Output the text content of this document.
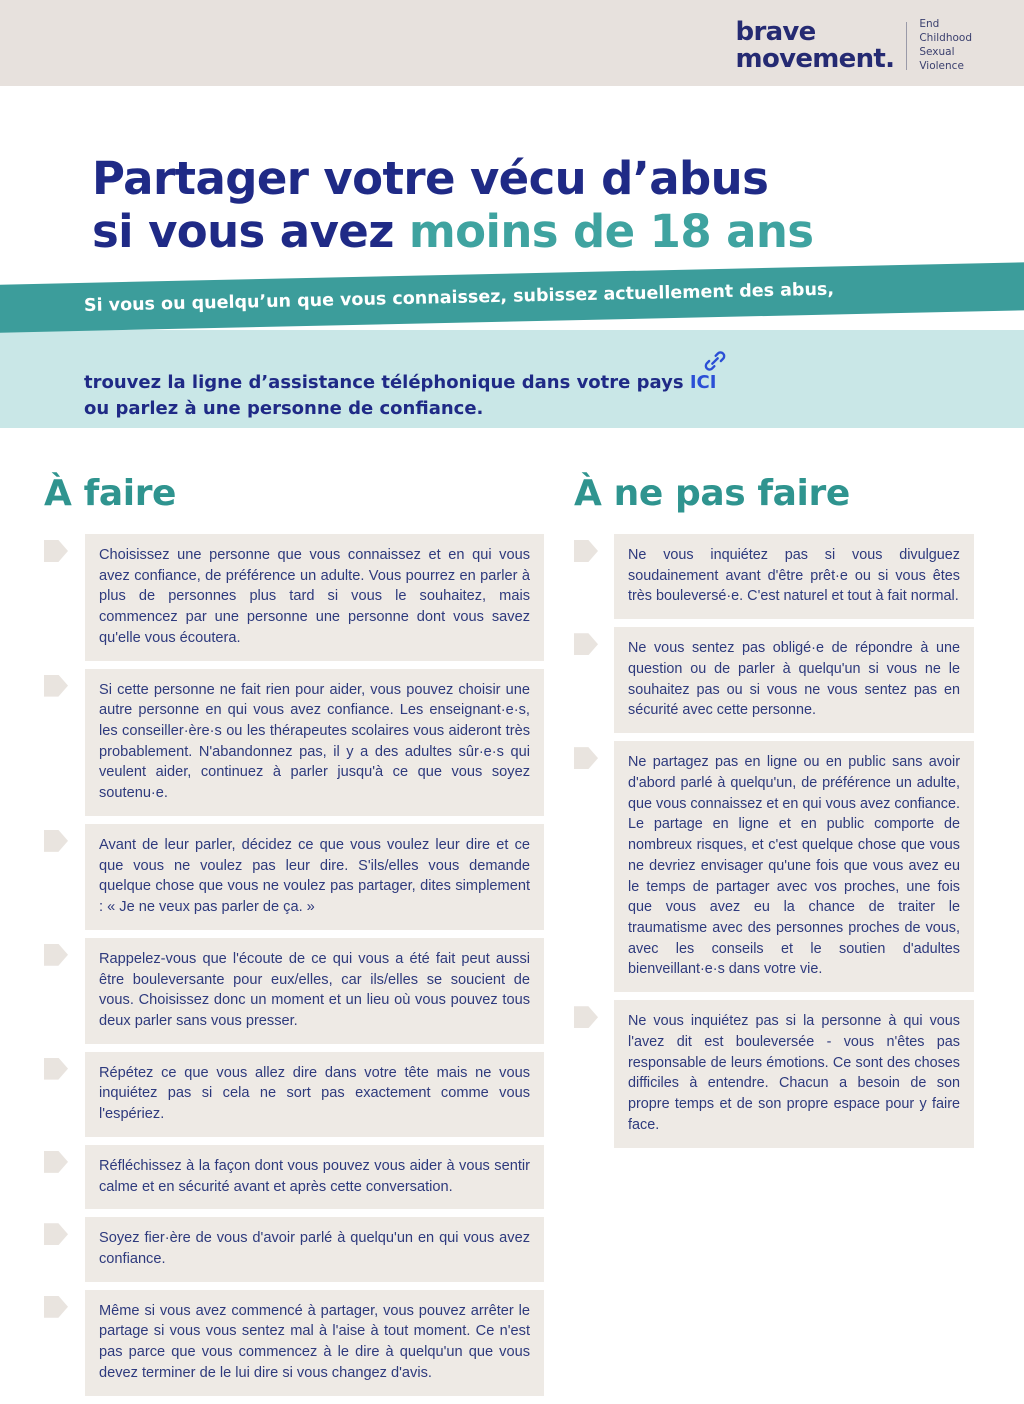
brave

movement.
End
Childhood
Sexual
Violence
Partager votre vécu d’abus
si vous avez moins de 18 ans
Si vous ou quelqu’un que vous connaissez, subissez actuellement des abus,
trouvez la ligne d’assistance téléphonique dans votre pays ICI
ou parlez à une personne de confiance.
À faire
Choisissez une personne que vous connaissez et en qui vous avez confiance, de préférence un adulte. Vous pourrez en parler à plus de personnes plus tard si vous le souhaitez, mais commencez par une personne une personne dont vous savez qu'elle vous écoutera.
Si cette personne ne fait rien pour aider, vous pouvez choisir une autre personne en qui vous avez confiance. Les enseignant·e·s, les conseiller·ère·s ou les thérapeutes scolaires vous aideront très probablement. N'abandonnez pas, il y a des adultes sûr·e·s qui veulent aider, continuez à parler jusqu'à ce que vous soyez soutenu·e.
Avant de leur parler, décidez ce que vous voulez leur dire et ce que vous ne voulez pas leur dire. S'ils/elles vous demande quelque chose que vous ne voulez pas partager, dites simplement : « Je ne veux pas parler de ça. »
Rappelez-vous que l'écoute de ce qui vous a été fait peut aussi être bouleversante pour eux/elles, car ils/elles se soucient de vous. Choisissez donc un moment et un lieu où vous pouvez tous deux parler sans vous presser.
Répétez ce que vous allez dire dans votre tête mais ne vous inquiétez pas si cela ne sort pas exactement comme vous l'espériez.
Réfléchissez à la façon dont vous pouvez vous aider à vous sentir calme et en sécurité avant et après cette conversation.
Soyez fier·ère de vous d'avoir parlé à quelqu'un en qui vous avez confiance.
Même si vous avez commencé à partager, vous pouvez arrêter le partage si vous vous sentez mal à l'aise à tout moment. Ce n'est pas parce que vous commencez à le dire à quelqu'un que vous devez terminer de le lui dire si vous changez d'avis.
À ne pas faire
Ne vous inquiétez pas si vous divulguez soudainement avant d'être prêt·e ou si vous êtes très bouleversé·e. C'est naturel et tout à fait normal.
Ne vous sentez pas obligé·e de répondre à une question ou de parler à quelqu'un si vous ne le souhaitez pas ou si vous ne vous sentez pas en sécurité avec cette personne.
Ne partagez pas en ligne ou en public sans avoir d'abord parlé à quelqu'un, de préférence un adulte, que vous connaissez et en qui vous avez confiance. Le partage en ligne et en public comporte de nombreux risques, et c'est quelque chose que vous ne devriez envisager qu'une fois que vous avez eu le temps de partager avec vos proches, une fois que vous avez eu la chance de traiter le traumatisme avec des personnes proches de vous, avec les conseils et le soutien d'adultes bienveillant·e·s dans votre vie.
Ne vous inquiétez pas si la personne à qui vous l'avez dit est bouleversée - vous n'êtes pas responsable de leurs émotions. Ce sont des choses difficiles à entendre. Chacun a besoin de son propre temps et de son propre espace pour y faire face.
